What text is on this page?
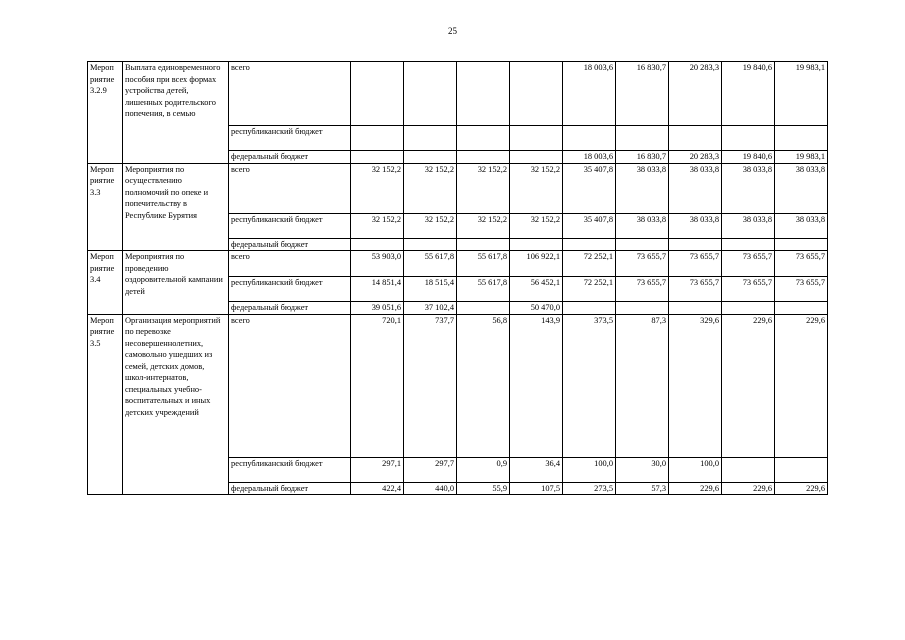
25
Мероп риятие 3.2.9	Выплата единовременного пособия при всех формах устройства детей, лишенных родительского попечения, в семью	всего					18 003,6	16 830,7	20 283,3	19 840,6	19 983,1
		республиканский бюджет									
		федеральный бюджет					18 003,6	16 830,7	20 283,3	19 840,6	19 983,1
Мероп риятие 3.3	Мероприятия по осуществлению полномочий по опеке и попечительству в Республике Бурятия	всего	32 152,2	32 152,2	32 152,2	32 152,2	35 407,8	38 033,8	38 033,8	38 033,8	38 033,8
		республиканский бюджет	32 152,2	32 152,2	32 152,2	32 152,2	35 407,8	38 033,8	38 033,8	38 033,8	38 033,8
		федеральный бюджет									
Мероп риятие 3.4	Мероприятия по проведению оздоровительной кампании детей	всего	53 903,0	55 617,8	55 617,8	106 922,1	72 252,1	73 655,7	73 655,7	73 655,7	73 655,7
		республиканский бюджет	14 851,4	18 515,4	55 617,8	56 452,1	72 252,1	73 655,7	73 655,7	73 655,7	73 655,7
		федеральный бюджет	39 051,6	37 102,4		50 470,0					
Мероп риятие 3.5	Организация мероприятий по перевозке несовершеннолетних, самовольно ушедших из семей, детских домов, школ-интернатов, специальных учебно-воспитательных и иных детских учреждений	всего	720,1	737,7	56,8	143,9	373,5	87,3	329,6	229,6	229,6
		республиканский бюджет	297,1	297,7	0,9	36,4	100,0	30,0	100,0		
		федеральный бюджет	422,4	440,0	55,9	107,5	273,5	57,3	229,6	229,6	229,6
